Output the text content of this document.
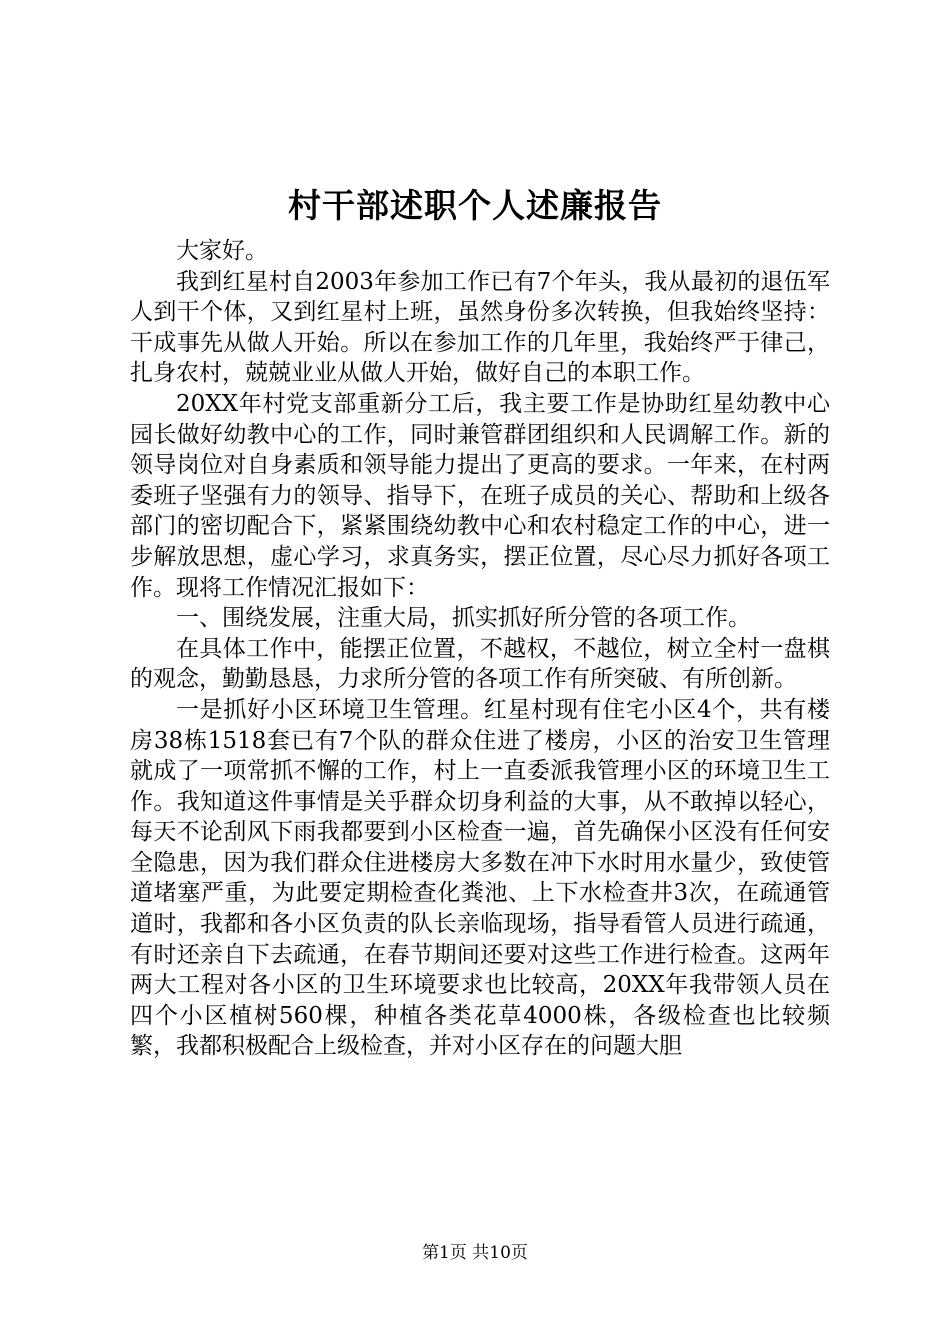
村干部述职个人述廉报告

大家好。

我到红星村自2003年参加工作已有7个年头，我从最初的退伍军人到干个体，又到红星村上班，虽然身份多次转换，但我始终坚持：干成事先从做人开始。所以在参加工作的几年里，我始终严于律己，扎身农村，兢兢业业从做人开始，做好自己的本职工作。

20XX年村党支部重新分工后，我主要工作是协助红星幼教中心园长做好幼教中心的工作，同时兼管群团组织和人民调解工作。新的领导岗位对自身素质和领导能力提出了更高的要求。一年来，在村两委班子坚强有力的领导、指导下，在班子成员的关心、帮助和上级各部门的密切配合下，紧紧围绕幼教中心和农村稳定工作的中心，进一步解放思想，虚心学习，求真务实，摆正位置，尽心尽力抓好各项工作。现将工作情况汇报如下：

一、围绕发展，注重大局，抓实抓好所分管的各项工作。

在具体工作中，能摆正位置，不越权，不越位，树立全村一盘棋的观念，勤勤恳恳，力求所分管的各项工作有所突破、有所创新。

一是抓好小区环境卫生管理。红星村现有住宅小区4个，共有楼房38栋1518套已有7个队的群众住进了楼房，小区的治安卫生管理就成了一项常抓不懈的工作，村上一直委派我管理小区的环境卫生工作。我知道这件事情是关乎群众切身利益的大事，从不敢掉以轻心，每天不论刮风下雨我都要到小区检查一遍，首先确保小区没有任何安全隐患，因为我们群众住进楼房大多数在冲下水时用水量少，致使管道堵塞严重，为此要定期检查化粪池、上下水检查井3次，在疏通管道时，我都和各小区负责的队长亲临现场，指导看管人员进行疏通，有时还亲自下去疏通，在春节期间还要对这些工作进行检查。这两年两大工程对各小区的卫生环境要求也比较高，20XX年我带领人员在四个小区植树560棵，种植各类花草4000株，各级检查也比较频繁，我都积极配合上级检查，并对小区存在的问题大胆

第1页 共10页
